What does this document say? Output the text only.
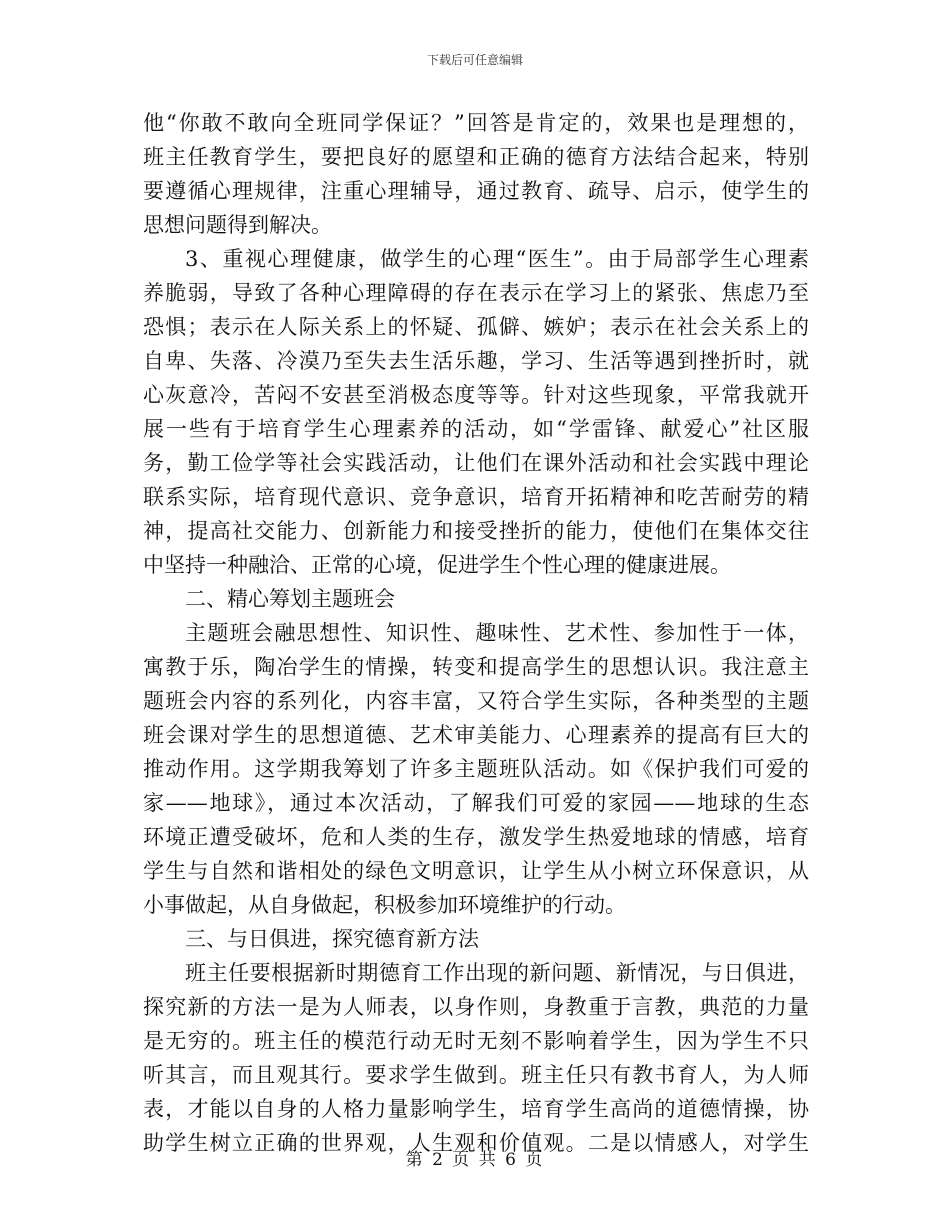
下载后可任意编辑
他“你敢不敢向全班同学保证？”回答是肯定的，效果也是理想的，
班主任教育学生，要把良好的愿望和正确的德育方法结合起来，特别
要遵循心理规律，注重心理辅导，通过教育、疏导、启示，使学生的
思想问题得到解决。
3、重视心理健康，做学生的心理“医生”。由于局部学生心理素
养脆弱，导致了各种心理障碍的存在表示在学习上的紧张、焦虑乃至
恐惧；表示在人际关系上的怀疑、孤僻、嫉妒；表示在社会关系上的
自卑、失落、冷漠乃至失去生活乐趣，学习、生活等遇到挫折时，就
心灰意冷，苦闷不安甚至消极态度等等。针对这些现象，平常我就开
展一些有于培育学生心理素养的活动，如“学雷锋、献爱心”社区服
务，勤工俭学等社会实践活动，让他们在课外活动和社会实践中理论
联系实际，培育现代意识、竞争意识，培育开拓精神和吃苦耐劳的精
神，提高社交能力、创新能力和接受挫折的能力，使他们在集体交往
中坚持一种融洽、正常的心境，促进学生个性心理的健康进展。
二、精心筹划主题班会
主题班会融思想性、知识性、趣味性、艺术性、参加性于一体，
寓教于乐，陶冶学生的情操，转变和提高学生的思想认识。我注意主
题班会内容的系列化，内容丰富，又符合学生实际，各种类型的主题
班会课对学生的思想道德、艺术审美能力、心理素养的提高有巨大的
推动作用。这学期我筹划了许多主题班队活动。如《保护我们可爱的
家——地球》，通过本次活动，了解我们可爱的家园——地球的生态
环境正遭受破坏，危和人类的生存，激发学生热爱地球的情感，培育
学生与自然和谐相处的绿色文明意识，让学生从小树立环保意识，从
小事做起，从自身做起，积极参加环境维护的行动。
三、与日俱进，探究德育新方法
班主任要根据新时期德育工作出现的新问题、新情况，与日俱进，
探究新的方法一是为人师表，以身作则，身教重于言教，典范的力量
是无穷的。班主任的模范行动无时无刻不影响着学生，因为学生不只
听其言，而且观其行。要求学生做到。班主任只有教书育人，为人师
表，才能以自身的人格力量影响学生，培育学生高尚的道德情操，协
助学生树立正确的世界观，人生观和价值观。二是以情感人，对学生
第 2 页 共 6 页
